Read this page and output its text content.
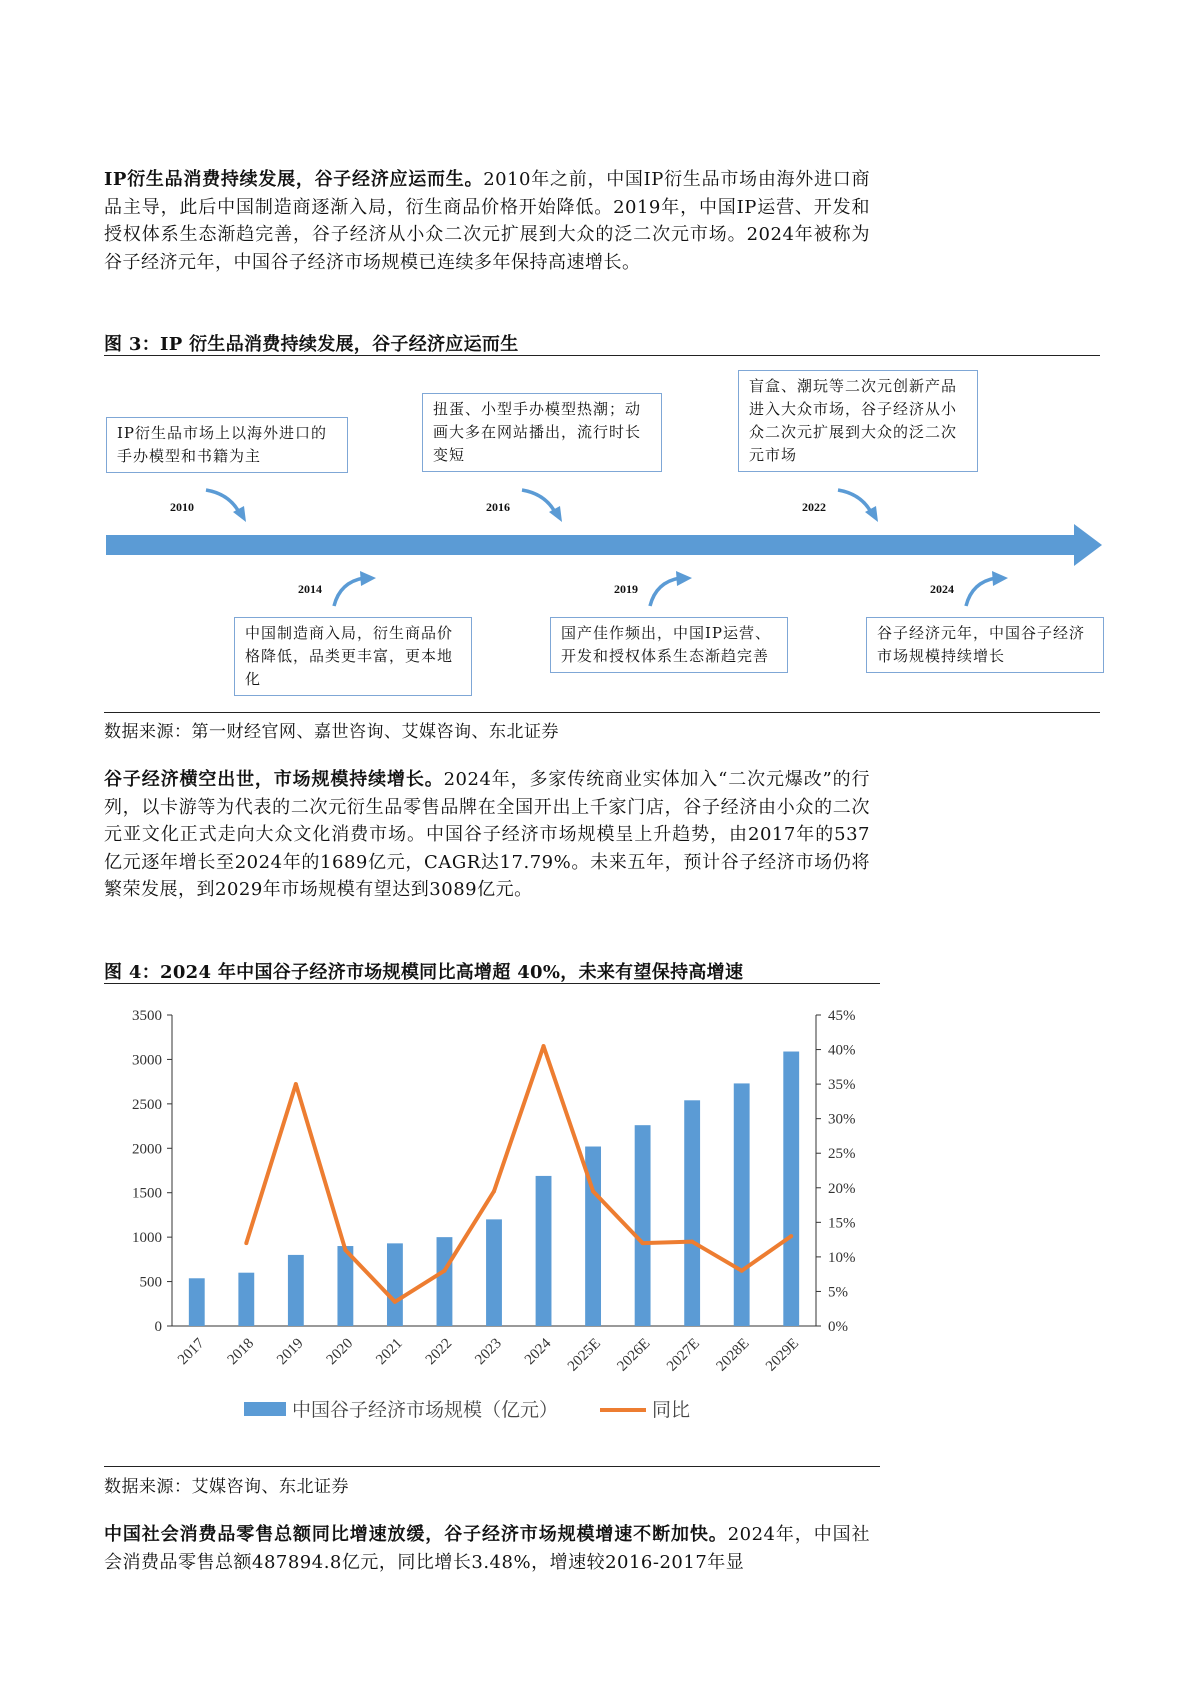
IP衍生品消费持续发展，谷子经济应运而生。2010年之前，中国IP衍生品市场由海外进口商品主导，此后中国制造商逐渐入局，衍生商品价格开始降低。2019年，中国IP运营、开发和授权体系生态渐趋完善，谷子经济从小众二次元扩展到大众的泛二次元市场。2024年被称为谷子经济元年，中国谷子经济市场规模已连续多年保持高速增长。
图 3：IP 衍生品消费持续发展，谷子经济应运而生
IP衍生品市场上以海外进口的手办模型和书籍为主
2010
扭蛋、小型手办模型热潮；动画大多在网站播出，流行时长变短
2016
盲盒、潮玩等二次元创新产品进入大众市场，谷子经济从小众二次元扩展到大众的泛二次元市场
2022
2014
中国制造商入局，衍生商品价格降低，品类更丰富，更本地化
2019
国产佳作频出，中国IP运营、开发和授权体系生态渐趋完善
2024
谷子经济元年，中国谷子经济市场规模持续增长
数据来源：第一财经官网、嘉世咨询、艾媒咨询、东北证券
谷子经济横空出世，市场规模持续增长。2024年，多家传统商业实体加入“二次元爆改”的行列，以卡游等为代表的二次元衍生品零售品牌在全国开出上千家门店，谷子经济由小众的二次元亚文化正式走向大众文化消费市场。中国谷子经济市场规模呈上升趋势，由2017年的537亿元逐年增长至2024年的1689亿元，CAGR达17.79%。未来五年，预计谷子经济市场仍将繁荣发展，到2029年市场规模有望达到3089亿元。
图 4：2024 年中国谷子经济市场规模同比高增超 40%，未来有望保持高增速
0
500
1000
1500
2000
2500
3000
3500
0%
5%
10%
15%
20%
25%
30%
35%
40%
45%
2017 2018 2019 2020 2021 2022 2023 2024 2025E 2026E 2027E 2028E 2029E
中国谷子经济市场规模（亿元）	同比
数据来源：艾媒咨询、东北证券
中国社会消费品零售总额同比增速放缓，谷子经济市场规模增速不断加快。2024年，中国社会消费品零售总额487894.8亿元，同比增长3.48%，增速较2016-2017年显
